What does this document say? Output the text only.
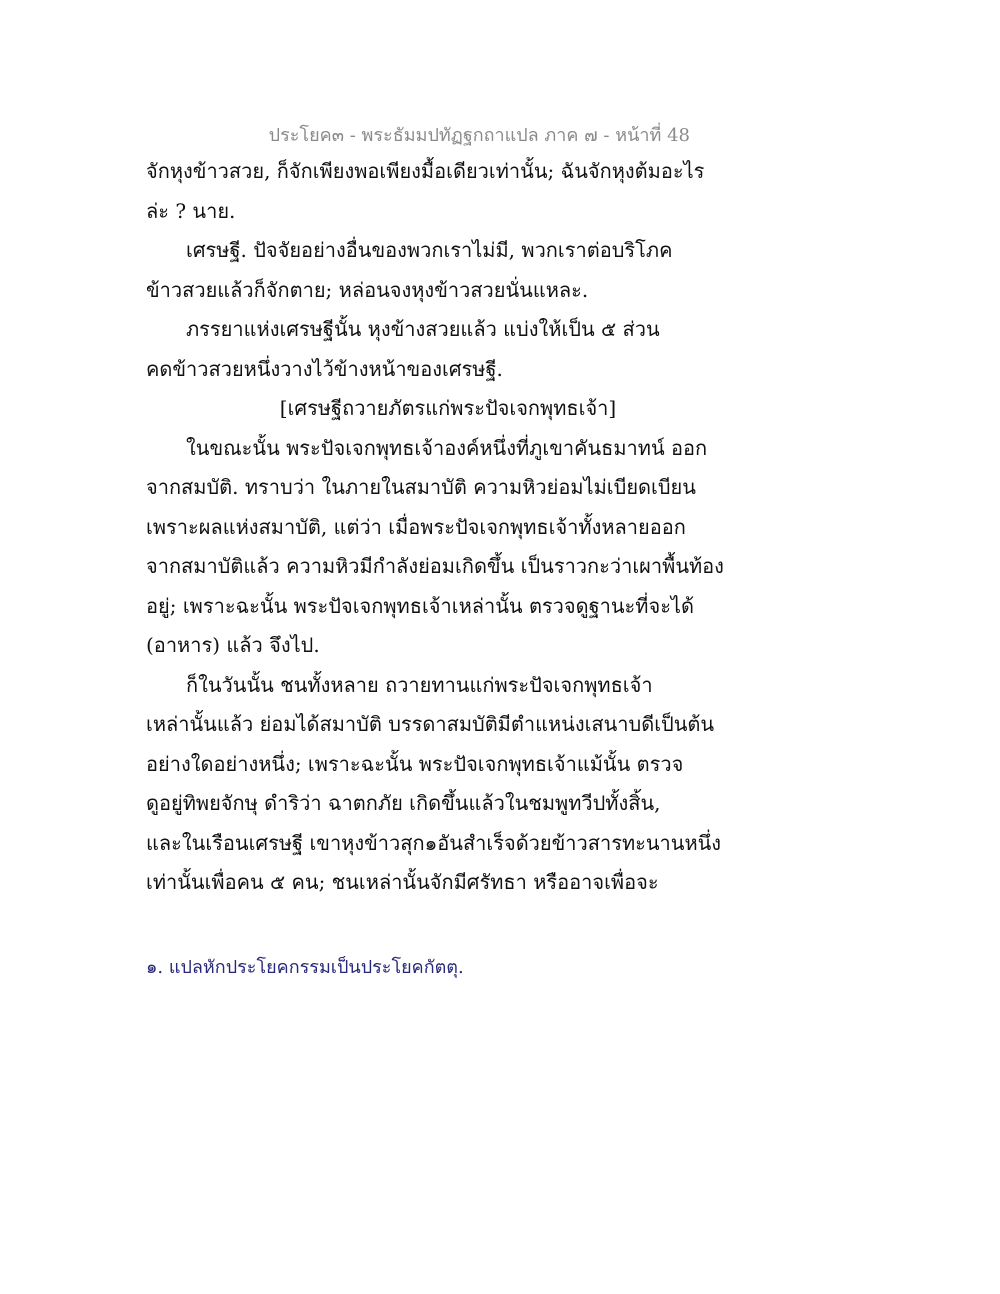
ประโยค๓ - พระธัมมปทัฏฐกถาแปล ภาค ๗ - หน้าที่ 48
จักหุงข้าวสวย, ก็จักเพียงพอเพียงมื้อเดียวเท่านั้น; ฉันจักหุงต้มอะไร
ล่ะ ? นาย.
เศรษฐี. ปัจจัยอย่างอื่นของพวกเราไม่มี, พวกเราต่อบริโภค
ข้าวสวยแล้วก็จักตาย; หล่อนจงหุงข้าวสวยนั่นแหละ.
ภรรยาแห่งเศรษฐีนั้น หุงข้างสวยแล้ว แบ่งให้เป็น ๕ ส่วน
คดข้าวสวยหนึ่งวางไว้ข้างหน้าของเศรษฐี.
[เศรษฐีถวายภัตรแก่พระปัจเจกพุทธเจ้า]
ในขณะนั้น พระปัจเจกพุทธเจ้าองค์หนึ่งที่ภูเขาคันธมาทน์ ออก
จากสมบัติ. ทราบว่า ในภายในสมาบัติ ความหิวย่อมไม่เบียดเบียน
เพราะผลแห่งสมาบัติ, แต่ว่า เมื่อพระปัจเจกพุทธเจ้าทั้งหลายออก
จากสมาบัติแล้ว ความหิวมีกำลังย่อมเกิดขึ้น เป็นราวกะว่าเผาพื้นท้อง
อยู่; เพราะฉะนั้น พระปัจเจกพุทธเจ้าเหล่านั้น ตรวจดูฐานะที่จะได้
(อาหาร) แล้ว จึงไป.
ก็ในวันนั้น ชนทั้งหลาย ถวายทานแก่พระปัจเจกพุทธเจ้า
เหล่านั้นแล้ว ย่อมได้สมาบัติ บรรดาสมบัติมีตำแหน่งเสนาบดีเป็นต้น
อย่างใดอย่างหนึ่ง; เพราะฉะนั้น พระปัจเจกพุทธเจ้าแม้นั้น ตรวจ
ดูอยู่ทิพยจักษุ ดำริว่า ฉาตกภัย เกิดขึ้นแล้วในชมพูทวีปทั้งสิ้น,
และในเรือนเศรษฐี เขาหุงข้าวสุก๑อันสำเร็จด้วยข้าวสารทะนานหนึ่ง
เท่านั้นเพื่อคน ๕ คน; ชนเหล่านั้นจักมีศรัทธา หรืออาจเพื่อจะ
๑. แปลหักประโยคกรรมเป็นประโยคกัตตุ.
